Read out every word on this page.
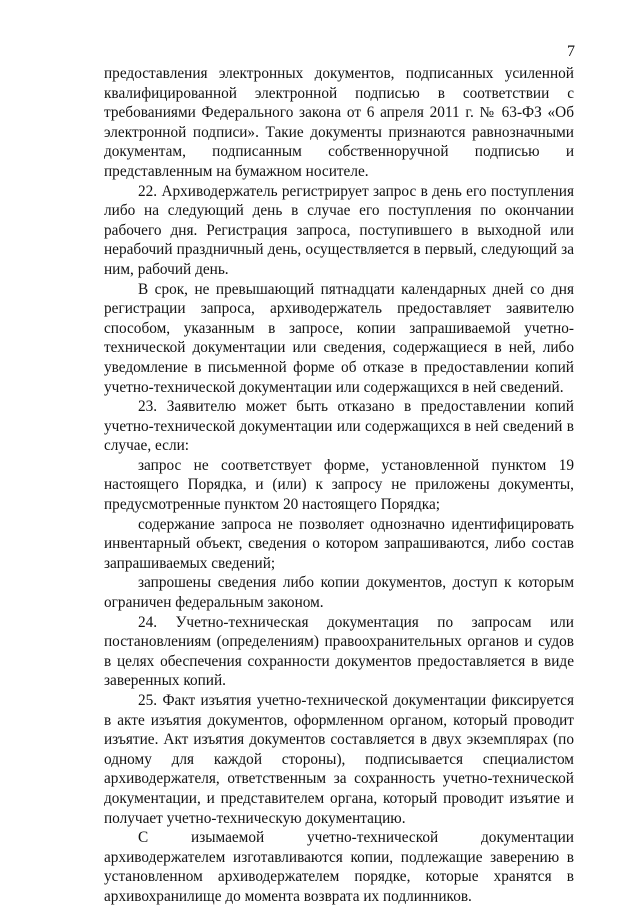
7

предоставления электронных документов, подписанных усиленной квалифицированной электронной подписью в соответствии с требованиями Федерального закона от 6 апреля 2011 г. № 63-ФЗ «Об электронной подписи». Такие документы признаются равнозначными документам, подписанным собственноручной подписью и представленным на бумажном носителе.

22. Архиводержатель регистрирует запрос в день его поступления либо на следующий день в случае его поступления по окончании рабочего дня. Регистрация запроса, поступившего в выходной или нерабочий праздничный день, осуществляется в первый, следующий за ним, рабочий день.

В срок, не превышающий пятнадцати календарных дней со дня регистрации запроса, архиводержатель предоставляет заявителю способом, указанным в запросе, копии запрашиваемой учетно-технической документации или сведения, содержащиеся в ней, либо уведомление в письменной форме об отказе в предоставлении копий учетно-технической документации или содержащихся в ней сведений.

23. Заявителю может быть отказано в предоставлении копий учетно-технической документации или содержащихся в ней сведений в случае, если:

запрос не соответствует форме, установленной пунктом 19 настоящего Порядка, и (или) к запросу не приложены документы, предусмотренные пунктом 20 настоящего Порядка;

содержание запроса не позволяет однозначно идентифицировать инвентарный объект, сведения о котором запрашиваются, либо состав запрашиваемых сведений;

запрошены сведения либо копии документов, доступ к которым ограничен федеральным законом.

24. Учетно-техническая документация по запросам или постановлениям (определениям) правоохранительных органов и судов в целях обеспечения сохранности документов предоставляется в виде заверенных копий.

25. Факт изъятия учетно-технической документации фиксируется в акте изъятия документов, оформленном органом, который проводит изъятие. Акт изъятия документов составляется в двух экземплярах (по одному для каждой стороны), подписывается специалистом архиводержателя, ответственным за сохранность учетно-технической документации, и представителем органа, который проводит изъятие и получает учетно-техническую документацию.

С изымаемой учетно-технической документации архиводержателем изготавливаются копии, подлежащие заверению в установленном архиводержателем порядке, которые хранятся в архивохранилище до момента возврата их подлинников.
